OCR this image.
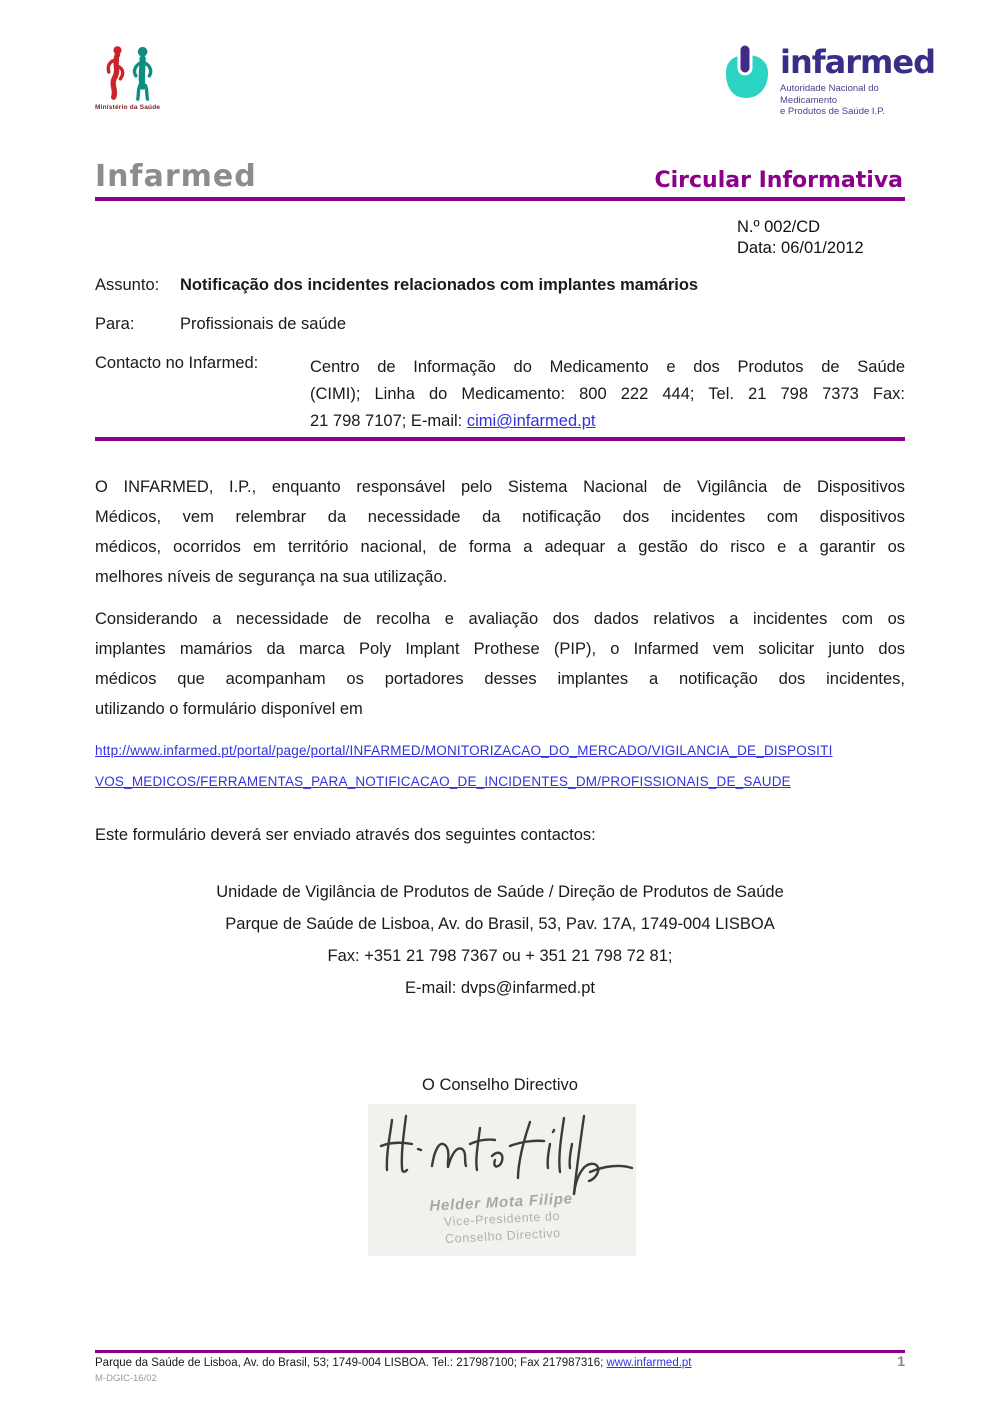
Ministério da Saúde
infarmed
Autoridade Nacional do Medicamento
e Produtos de Saúde I.P.
Infarmed	Circular Informativa
N.º 002/CD
Data: 06/01/2012
Assunto:	Notificação dos incidentes relacionados com implantes mamários
Para:	Profissionais de saúde
Contacto no Infarmed:	Centro de Informação do Medicamento e dos Produtos de Saúde
(CIMI); Linha do Medicamento: 800 222 444; Tel. 21 798 7373 Fax:
21 798 7107; E-mail: cimi@infarmed.pt
O INFARMED, I.P., enquanto responsável pelo Sistema Nacional de Vigilância de Dispositivos
Médicos, vem relembrar da necessidade da notificação dos incidentes com dispositivos
médicos, ocorridos em território nacional, de forma a adequar a gestão do risco e a garantir os
melhores níveis de segurança na sua utilização.
Considerando a necessidade de recolha e avaliação dos dados relativos a incidentes com os
implantes mamários da marca Poly Implant Prothese (PIP), o Infarmed vem solicitar junto dos
médicos que acompanham os portadores desses implantes a notificação dos incidentes,
utilizando o formulário disponível em
http://www.infarmed.pt/portal/page/portal/INFARMED/MONITORIZACAO_DO_MERCADO/VIGILANCIA_DE_DISPOSITI
VOS_MEDICOS/FERRAMENTAS_PARA_NOTIFICACAO_DE_INCIDENTES_DM/PROFISSIONAIS_DE_SAUDE
Este formulário deverá ser enviado através dos seguintes contactos:
Unidade de Vigilância de Produtos de Saúde / Direção de Produtos de Saúde
Parque de Saúde de Lisboa, Av. do Brasil, 53, Pav. 17A, 1749-004 LISBOA
Fax: +351 21 798 7367 ou + 351 21 798 72 81;
E-mail: dvps@infarmed.pt
O Conselho Directivo
Helder Mota Filipe
Vice-Presidente do
Conselho Directivo
Parque da Saúde de Lisboa, Av. do Brasil, 53; 1749-004 LISBOA. Tel.: 217987100; Fax 217987316; www.infarmed.pt
M-DGIC-16/02
1
